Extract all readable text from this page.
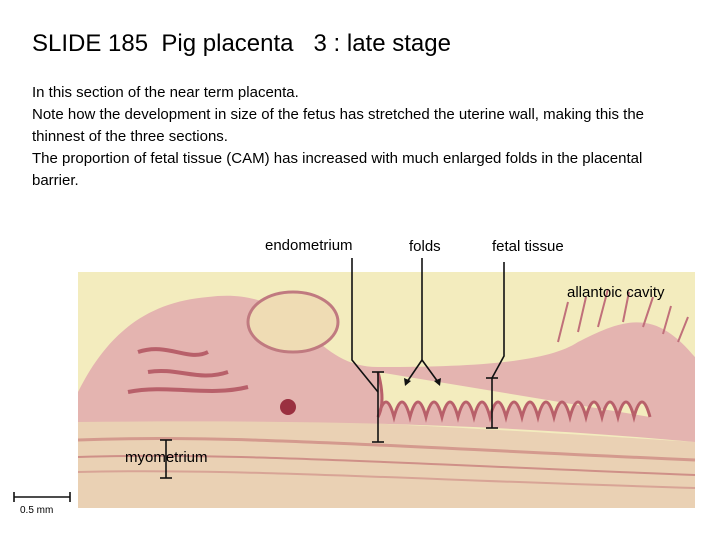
SLIDE 185  Pig placenta   3 : late stage

In this section of the near term placenta.

Note how the development in size of the fetus has stretched the uterine wall, making this the thinnest of the three sections.

The proportion of fetal tissue (CAM) has increased with much enlarged folds in the placental barrier.

endometrium	folds	fetal tissue
allantoic cavity
myometrium
0.5 mm
